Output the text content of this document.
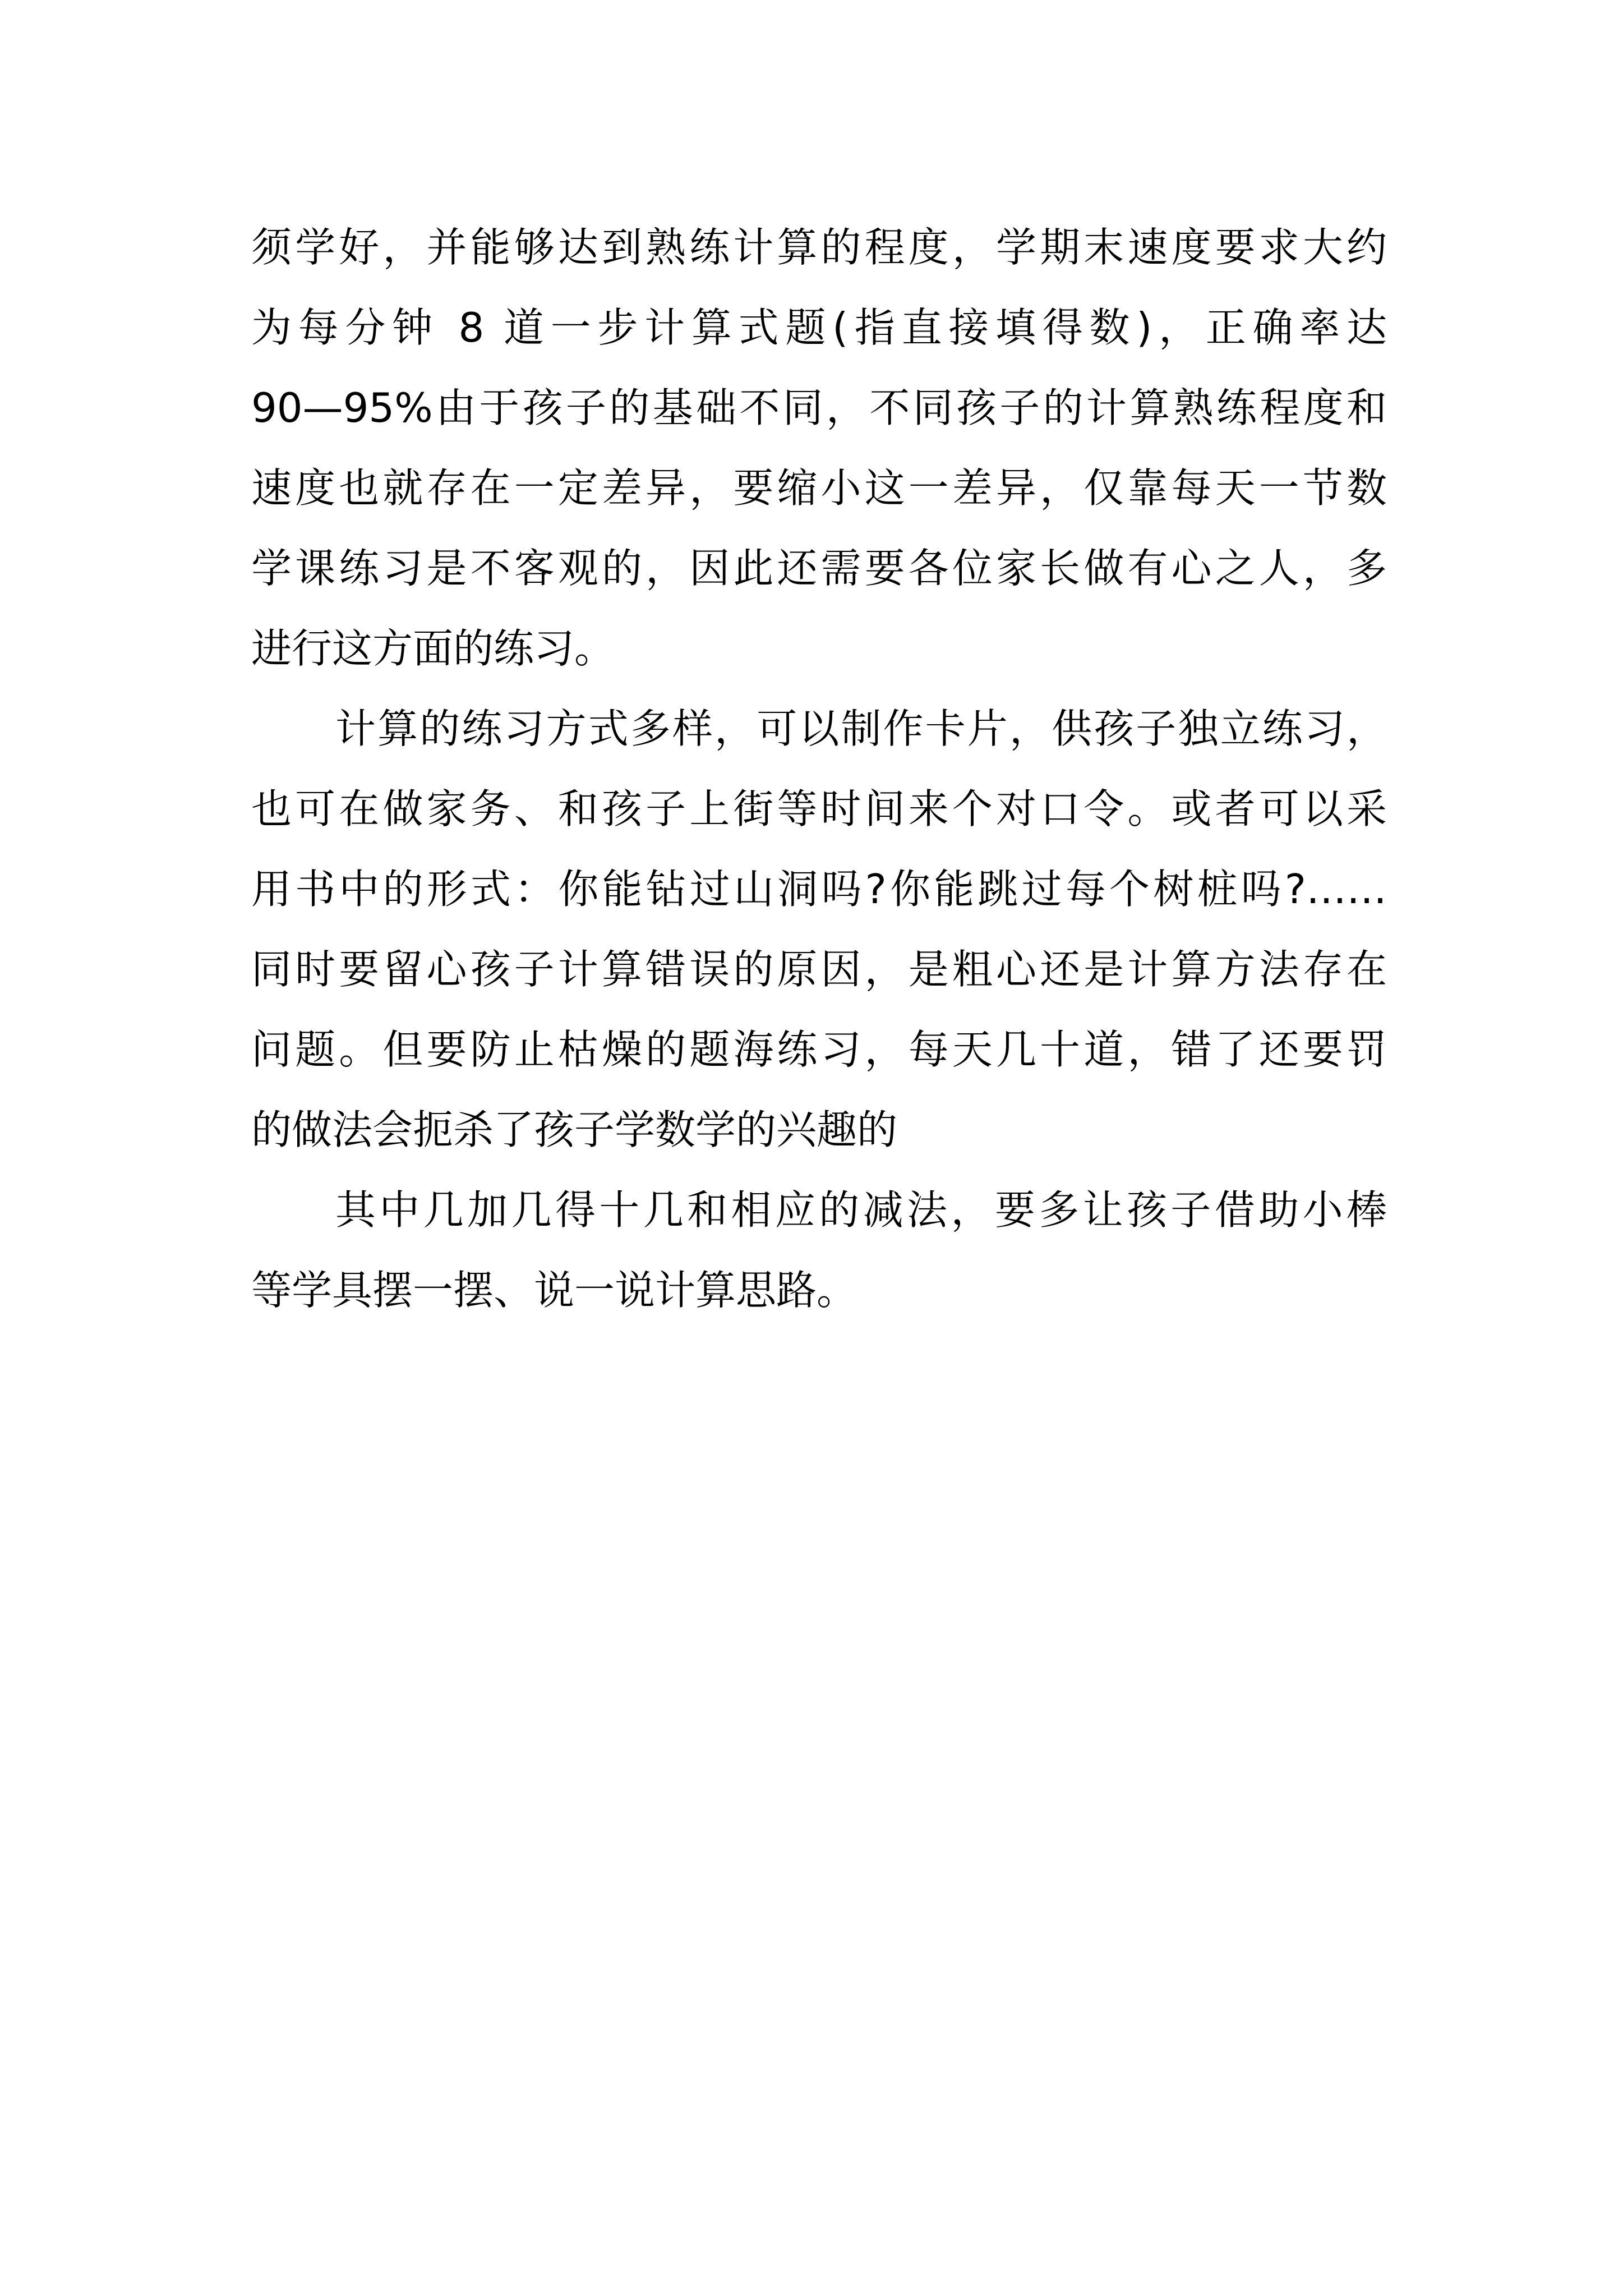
须学好，并能够达到熟练计算的程度，学期末速度要求大约
为每分钟 8 道一步计算式题(指直接填得数)，正确率达
90—95%由于孩子的基础不同，不同孩子的计算熟练程度和
速度也就存在一定差异，要缩小这一差异，仅靠每天一节数
学课练习是不客观的，因此还需要各位家长做有心之人，多
进行这方面的练习。
计算的练习方式多样，可以制作卡片，供孩子独立练习，
也可在做家务、和孩子上街等时间来个对口令。或者可以采
用书中的形式：你能钻过山洞吗?你能跳过每个树桩吗?……
同时要留心孩子计算错误的原因，是粗心还是计算方法存在
问题。但要防止枯燥的题海练习，每天几十道，错了还要罚
的做法会扼杀了孩子学数学的兴趣的
其中几加几得十几和相应的减法，要多让孩子借助小棒
等学具摆一摆、说一说计算思路。
